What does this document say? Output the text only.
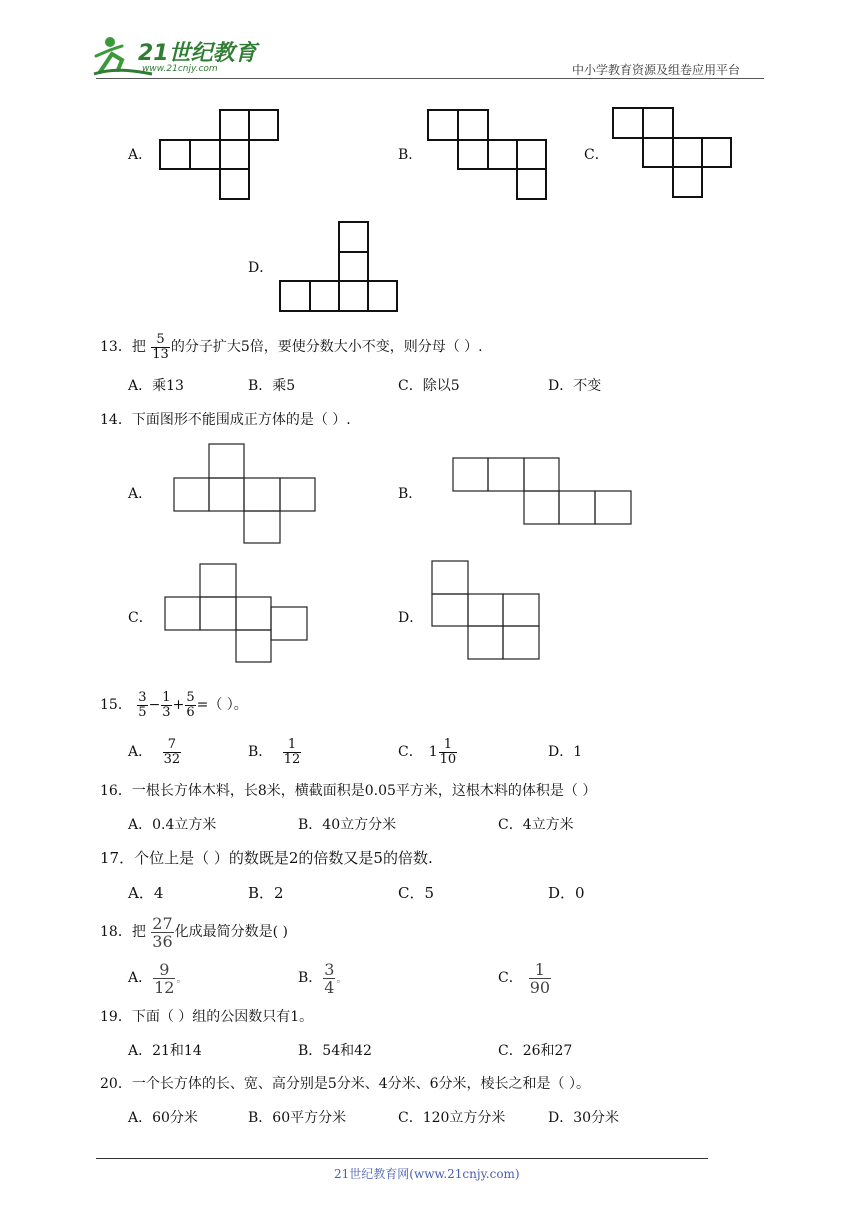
21世纪教育
www.21cnjy.com	中小学教育资源及组卷应用平台
A．	B．	C．
D．
13．把 $\frac{5}{13}$ 的分子扩大5倍，要使分数大小不变，则分母（ ）.
A．乘13	B．乘5	C．除以5	D．不变
14．下面图形不能围成正方体的是（ ）.
A．	B．
C．	D．
15． $\frac{3}{5} - \frac{1}{3} + \frac{5}{6}$ =（ ）。
A． $\frac{7}{32}$	B． $\frac{1}{12}$	C． $1 \frac{1}{10}$	D．1
16．一根长方体木料，长8米，横截面积是0.05平方米，这根木料的体积是（ ）
A．0.4立方米	B．40立方分米	C．4立方米
17．个位上是（ ）的数既是2的倍数又是5的倍数.
A．4	B．2	C．5	D．0
18．把 $\frac{27}{36}$ 化成最简分数是( )
A． $\frac{9}{12}$ 。	B． $\frac{3}{4}$ 。	C． $\frac{1}{90}$
19．下面（ ）组的公因数只有1。
A．21和14	B．54和42	C．26和27
20．一个长方体的长、宽、高分别是5分米、4分米、6分米，棱长之和是（ ）。
A．60分米	B．60平方分米	C．120立方分米	D．30分米
21世纪教育网(www.21cnjy.com)
